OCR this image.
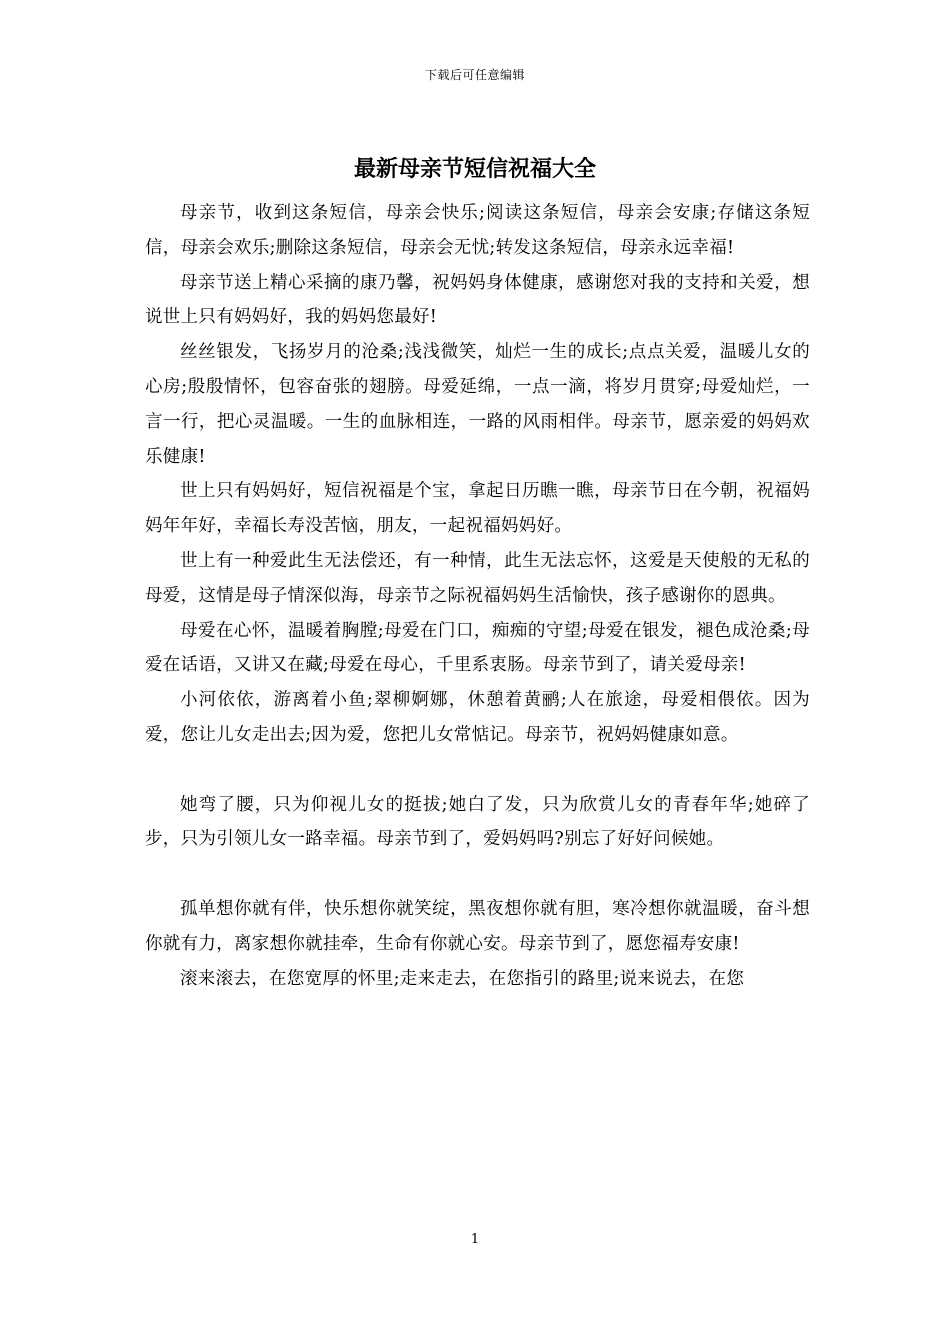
下载后可任意编辑
最新母亲节短信祝福大全

母亲节，收到这条短信，母亲会快乐;阅读这条短信，母亲会安康;存储这条短信，母亲会欢乐;删除这条短信，母亲会无忧;转发这条短信，母亲永远幸福!

母亲节送上精心采摘的康乃馨，祝妈妈身体健康，感谢您对我的支持和关爱，想说世上只有妈妈好，我的妈妈您最好!

丝丝银发，飞扬岁月的沧桑;浅浅微笑，灿烂一生的成长;点点关爱，温暖儿女的心房;殷殷情怀，包容奋张的翅膀。母爱延绵，一点一滴，将岁月贯穿;母爱灿烂，一言一行，把心灵温暖。一生的血脉相连，一路的风雨相伴。母亲节，愿亲爱的妈妈欢乐健康!

世上只有妈妈好，短信祝福是个宝，拿起日历瞧一瞧，母亲节日在今朝，祝福妈妈年年好，幸福长寿没苦恼，朋友，一起祝福妈妈好。

世上有一种爱此生无法偿还，有一种情，此生无法忘怀，这爱是天使般的无私的母爱，这情是母子情深似海，母亲节之际祝福妈妈生活愉快，孩子感谢你的恩典。

母爱在心怀，温暖着胸膛;母爱在门口，痴痴的守望;母爱在银发，褪色成沧桑;母爱在话语，又讲又在藏;母爱在母心，千里系衷肠。母亲节到了，请关爱母亲!

小河依依，游离着小鱼;翠柳婀娜，休憩着黄鹂;人在旅途，母爱相偎依。因为爱，您让儿女走出去;因为爱，您把儿女常惦记。母亲节，祝妈妈健康如意。

她弯了腰，只为仰视儿女的挺拔;她白了发，只为欣赏儿女的青春年华;她碎了步，只为引领儿女一路幸福。母亲节到了，爱妈妈吗?别忘了好好问候她。

孤单想你就有伴，快乐想你就笑绽，黑夜想你就有胆，寒冷想你就温暖，奋斗想你就有力，离家想你就挂牵，生命有你就心安。母亲节到了，愿您福寿安康!

滚来滚去，在您宽厚的怀里;走来走去，在您指引的路里;说来说去，在您

1
